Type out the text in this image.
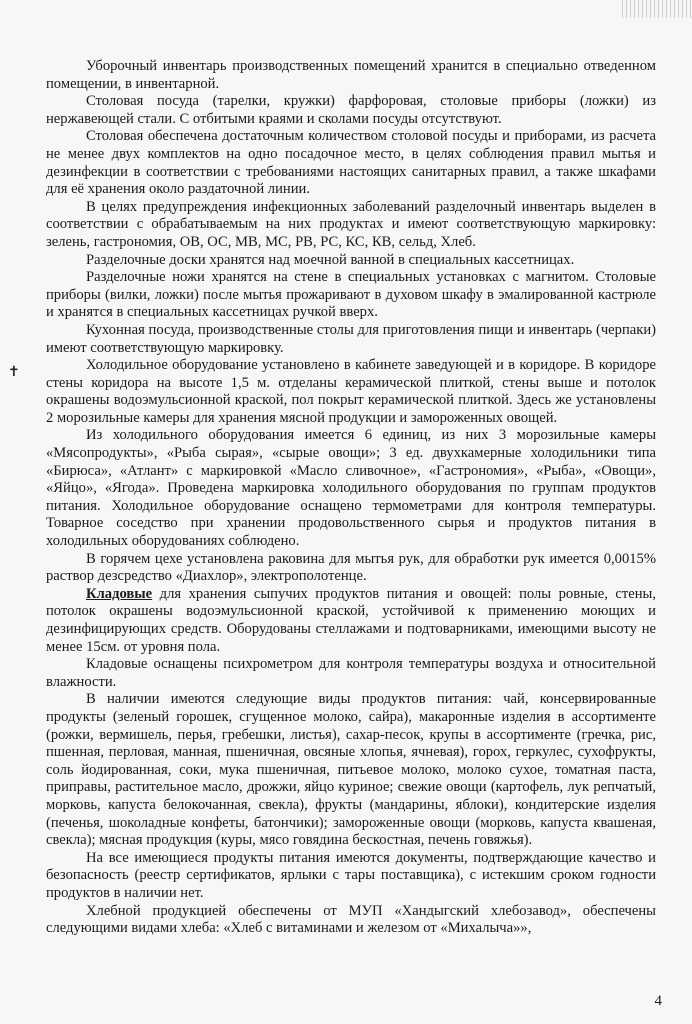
✝

Уборочный инвентарь производственных помещений хранится в специально отведенном помещении, в инвентарной.

Столовая посуда (тарелки, кружки) фарфоровая, столовые приборы (ложки) из нержавеющей стали. С отбитыми краями и сколами посуды отсутствуют.

Столовая обеспечена достаточным количеством столовой посуды и приборами, из расчета не менее двух комплектов на одно посадочное место, в целях соблюдения правил мытья и дезинфекции в соответствии с требованиями настоящих санитарных правил, а также шкафами для её хранения около раздаточной линии.

В целях предупреждения инфекционных заболеваний разделочный инвентарь выделен в соответствии с обрабатываемым на них продуктах и имеют соответствующую маркировку: зелень, гастрономия, ОВ, ОС, МВ, МС, РВ, РС, КС, КВ, сельд, Хлеб.

Разделочные доски хранятся над моечной ванной в специальных кассетницах.

Разделочные ножи хранятся на стене в специальных установках с магнитом. Столовые приборы (вилки, ложки) после мытья прожаривают в духовом шкафу в эмалированной кастрюле и хранятся в специальных кассетницах ручкой вверх.

Кухонная посуда, производственные столы для приготовления пищи и инвентарь (черпаки) имеют соответствующую маркировку.

Холодильное оборудование установлено в кабинете заведующей и в коридоре. В коридоре стены коридора на высоте 1,5 м. отделаны керамической плиткой, стены выше и потолок окрашены водоэмульсионной краской, пол покрыт керамической плиткой. Здесь же установлены 2 морозильные камеры для хранения мясной продукции и замороженных овощей.

Из холодильного оборудования имеется 6 единиц, из них 3 морозильные камеры «Мясопродукты», «Рыба сырая», «сырые овощи»; 3 ед. двухкамерные холодильники типа «Бирюса», «Атлант» с маркировкой «Масло сливочное», «Гастрономия», «Рыба», «Овощи», «Яйцо», «Ягода». Проведена маркировка холодильного оборудования по группам продуктов питания. Холодильное оборудование оснащено термометрами для контроля температуры. Товарное соседство при хранении продовольственного сырья и продуктов питания в холодильных оборудованиях соблюдено.

В горячем цехе установлена раковина для мытья рук, для обработки рук имеется 0,0015% раствор дезсредство «Диахлор», электрополотенце.

Кладовые для хранения сыпучих продуктов питания и овощей: полы ровные, стены, потолок окрашены водоэмульсионной краской, устойчивой к применению моющих и дезинфицирующих средств. Оборудованы стеллажами и подтоварниками, имеющими высоту не менее 15см. от уровня пола.

Кладовые оснащены психрометром для контроля температуры воздуха и относительной влажности.

В наличии имеются следующие виды продуктов питания: чай, консервированные продукты (зеленый горошек, сгущенное молоко, сайра), макаронные изделия в ассортименте (рожки, вермишель, перья, гребешки, листья), сахар-песок, крупы в ассортименте (гречка, рис, пшенная, перловая, манная, пшеничная, овсяные хлопья, ячневая), горох, геркулес, сухофрукты, соль йодированная, соки, мука пшеничная, питьевое молоко, молоко сухое, томатная паста, приправы, растительное масло, дрожжи, яйцо куриное; свежие овощи (картофель, лук репчатый, морковь, капуста белокочанная, свекла), фрукты (мандарины, яблоки), кондитерские изделия (печенья, шоколадные конфеты, батончики); замороженные овощи (морковь, капуста квашеная, свекла); мясная продукция (куры, мясо говядина бескостная, печень говяжья).

На все имеющиеся продукты питания имеются документы, подтверждающие качество и безопасность (реестр сертификатов, ярлыки с тары поставщика), с истекшим сроком годности продуктов в наличии нет.

Хлебной продукцией обеспечены от МУП «Хандыгский хлебозавод», обеспечены следующими видами хлеба: «Хлеб с витаминами и железом от «Михалыча»»,

4
